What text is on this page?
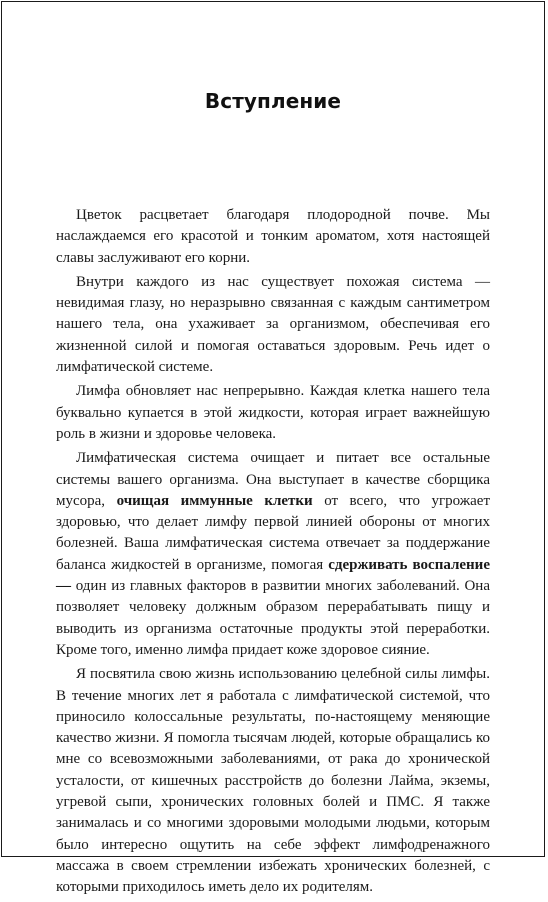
Вступление

Цветок расцветает благодаря плодородной почве. Мы наслаждаемся его красотой и тонким ароматом, хотя настоящей славы заслуживают его корни.

Внутри каждого из нас существует похожая система — невидимая глазу, но неразрывно связанная с каждым сантиметром нашего тела, она ухаживает за организмом, обеспечивая его жизненной силой и помогая оставаться здоровым. Речь идет о лимфатической системе.

Лимфа обновляет нас непрерывно. Каждая клетка нашего тела буквально купается в этой жидкости, которая играет важнейшую роль в жизни и здоровье человека.

Лимфатическая система очищает и питает все остальные системы вашего организма. Она выступает в качестве сборщика мусора, очищая иммунные клетки от всего, что угрожает здоровью, что делает лимфу первой линией обороны от многих болезней. Ваша лимфатическая система отвечает за поддержание баланса жидкостей в организме, помогая сдерживать воспаление — один из главных факторов в развитии многих заболеваний. Она позволяет человеку должным образом перерабатывать пищу и выводить из организма остаточные продукты этой переработки. Кроме того, именно лимфа придает коже здоровое сияние.

Я посвятила свою жизнь использованию целебной силы лимфы. В течение многих лет я работала с лимфатической системой, что приносило колоссальные результаты, по-настоящему меняющие качество жизни. Я помогла тысячам людей, которые обращались ко мне со всевозможными заболеваниями, от рака до хронической усталости, от кишечных расстройств до болезни Лайма, экземы, угревой сыпи, хронических головных болей и ПМС. Я также занималась и со многими здоровыми молодыми людьми, которым было интересно ощутить на себе эффект лимфодренажного массажа в своем стремлении избежать хронических болезней, с которыми приходилось иметь дело их родителям.
